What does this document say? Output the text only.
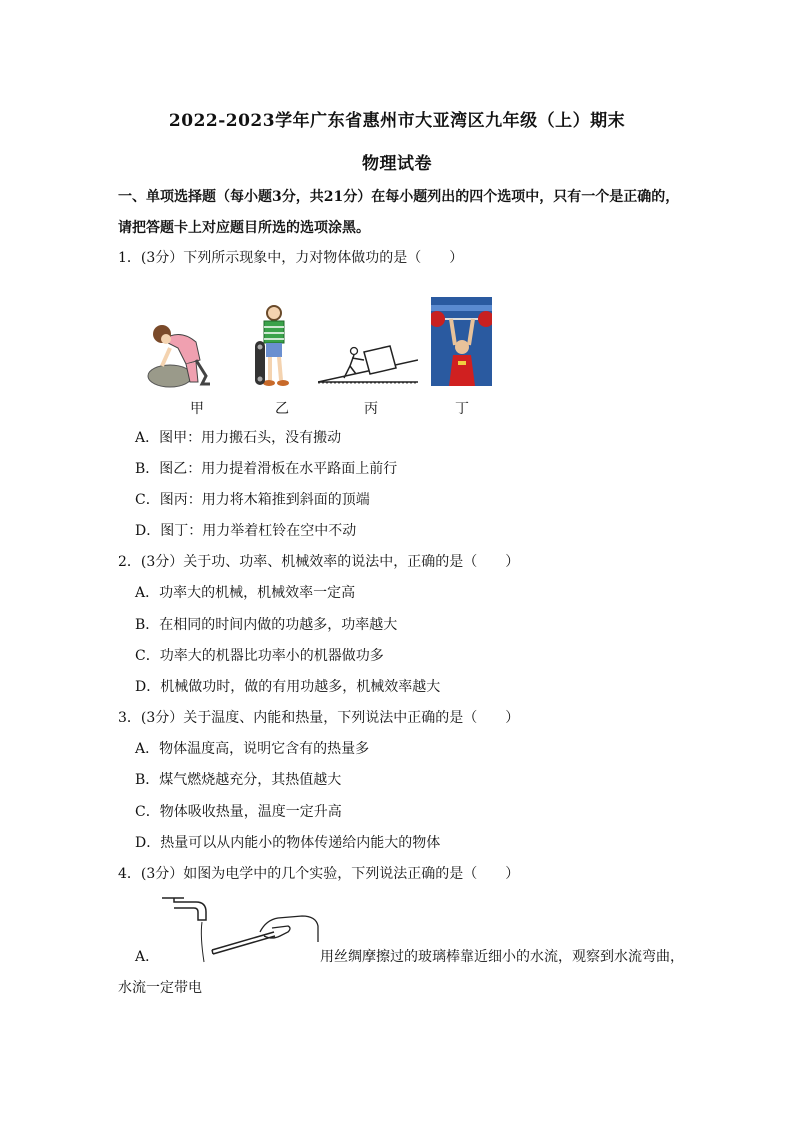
2022-2023学年广东省惠州市大亚湾区九年级（上）期末
物理试卷
一、单项选择题（每小题3分，共21分）在每小题列出的四个选项中，只有一个是正确的，请把答题卡上对应题目所选的选项涂黑。
1．(3分）下列所示现象中，力对物体做功的是（　　）
甲	乙	丙	丁
A．图甲：用力搬石头，没有搬动
B．图乙：用力提着滑板在水平路面上前行
C．图丙：用力将木箱推到斜面的顶端
D．图丁：用力举着杠铃在空中不动
2．(3分）关于功、功率、机械效率的说法中，正确的是（　　）
A．功率大的机械，机械效率一定高
B．在相同的时间内做的功越多，功率越大
C．功率大的机器比功率小的机器做功多
D．机械做功时，做的有用功越多，机械效率越大
3．(3分）关于温度、内能和热量，下列说法中正确的是（　　）
A．物体温度高，说明它含有的热量多
B．煤气燃烧越充分，其热值越大
C．物体吸收热量，温度一定升高
D．热量可以从内能小的物体传递给内能大的物体
4．(3分）如图为电学中的几个实验，下列说法正确的是（　　）
A．	用丝绸摩擦过的玻璃棒靠近细小的水流，观察到水流弯曲，
水流一定带电
